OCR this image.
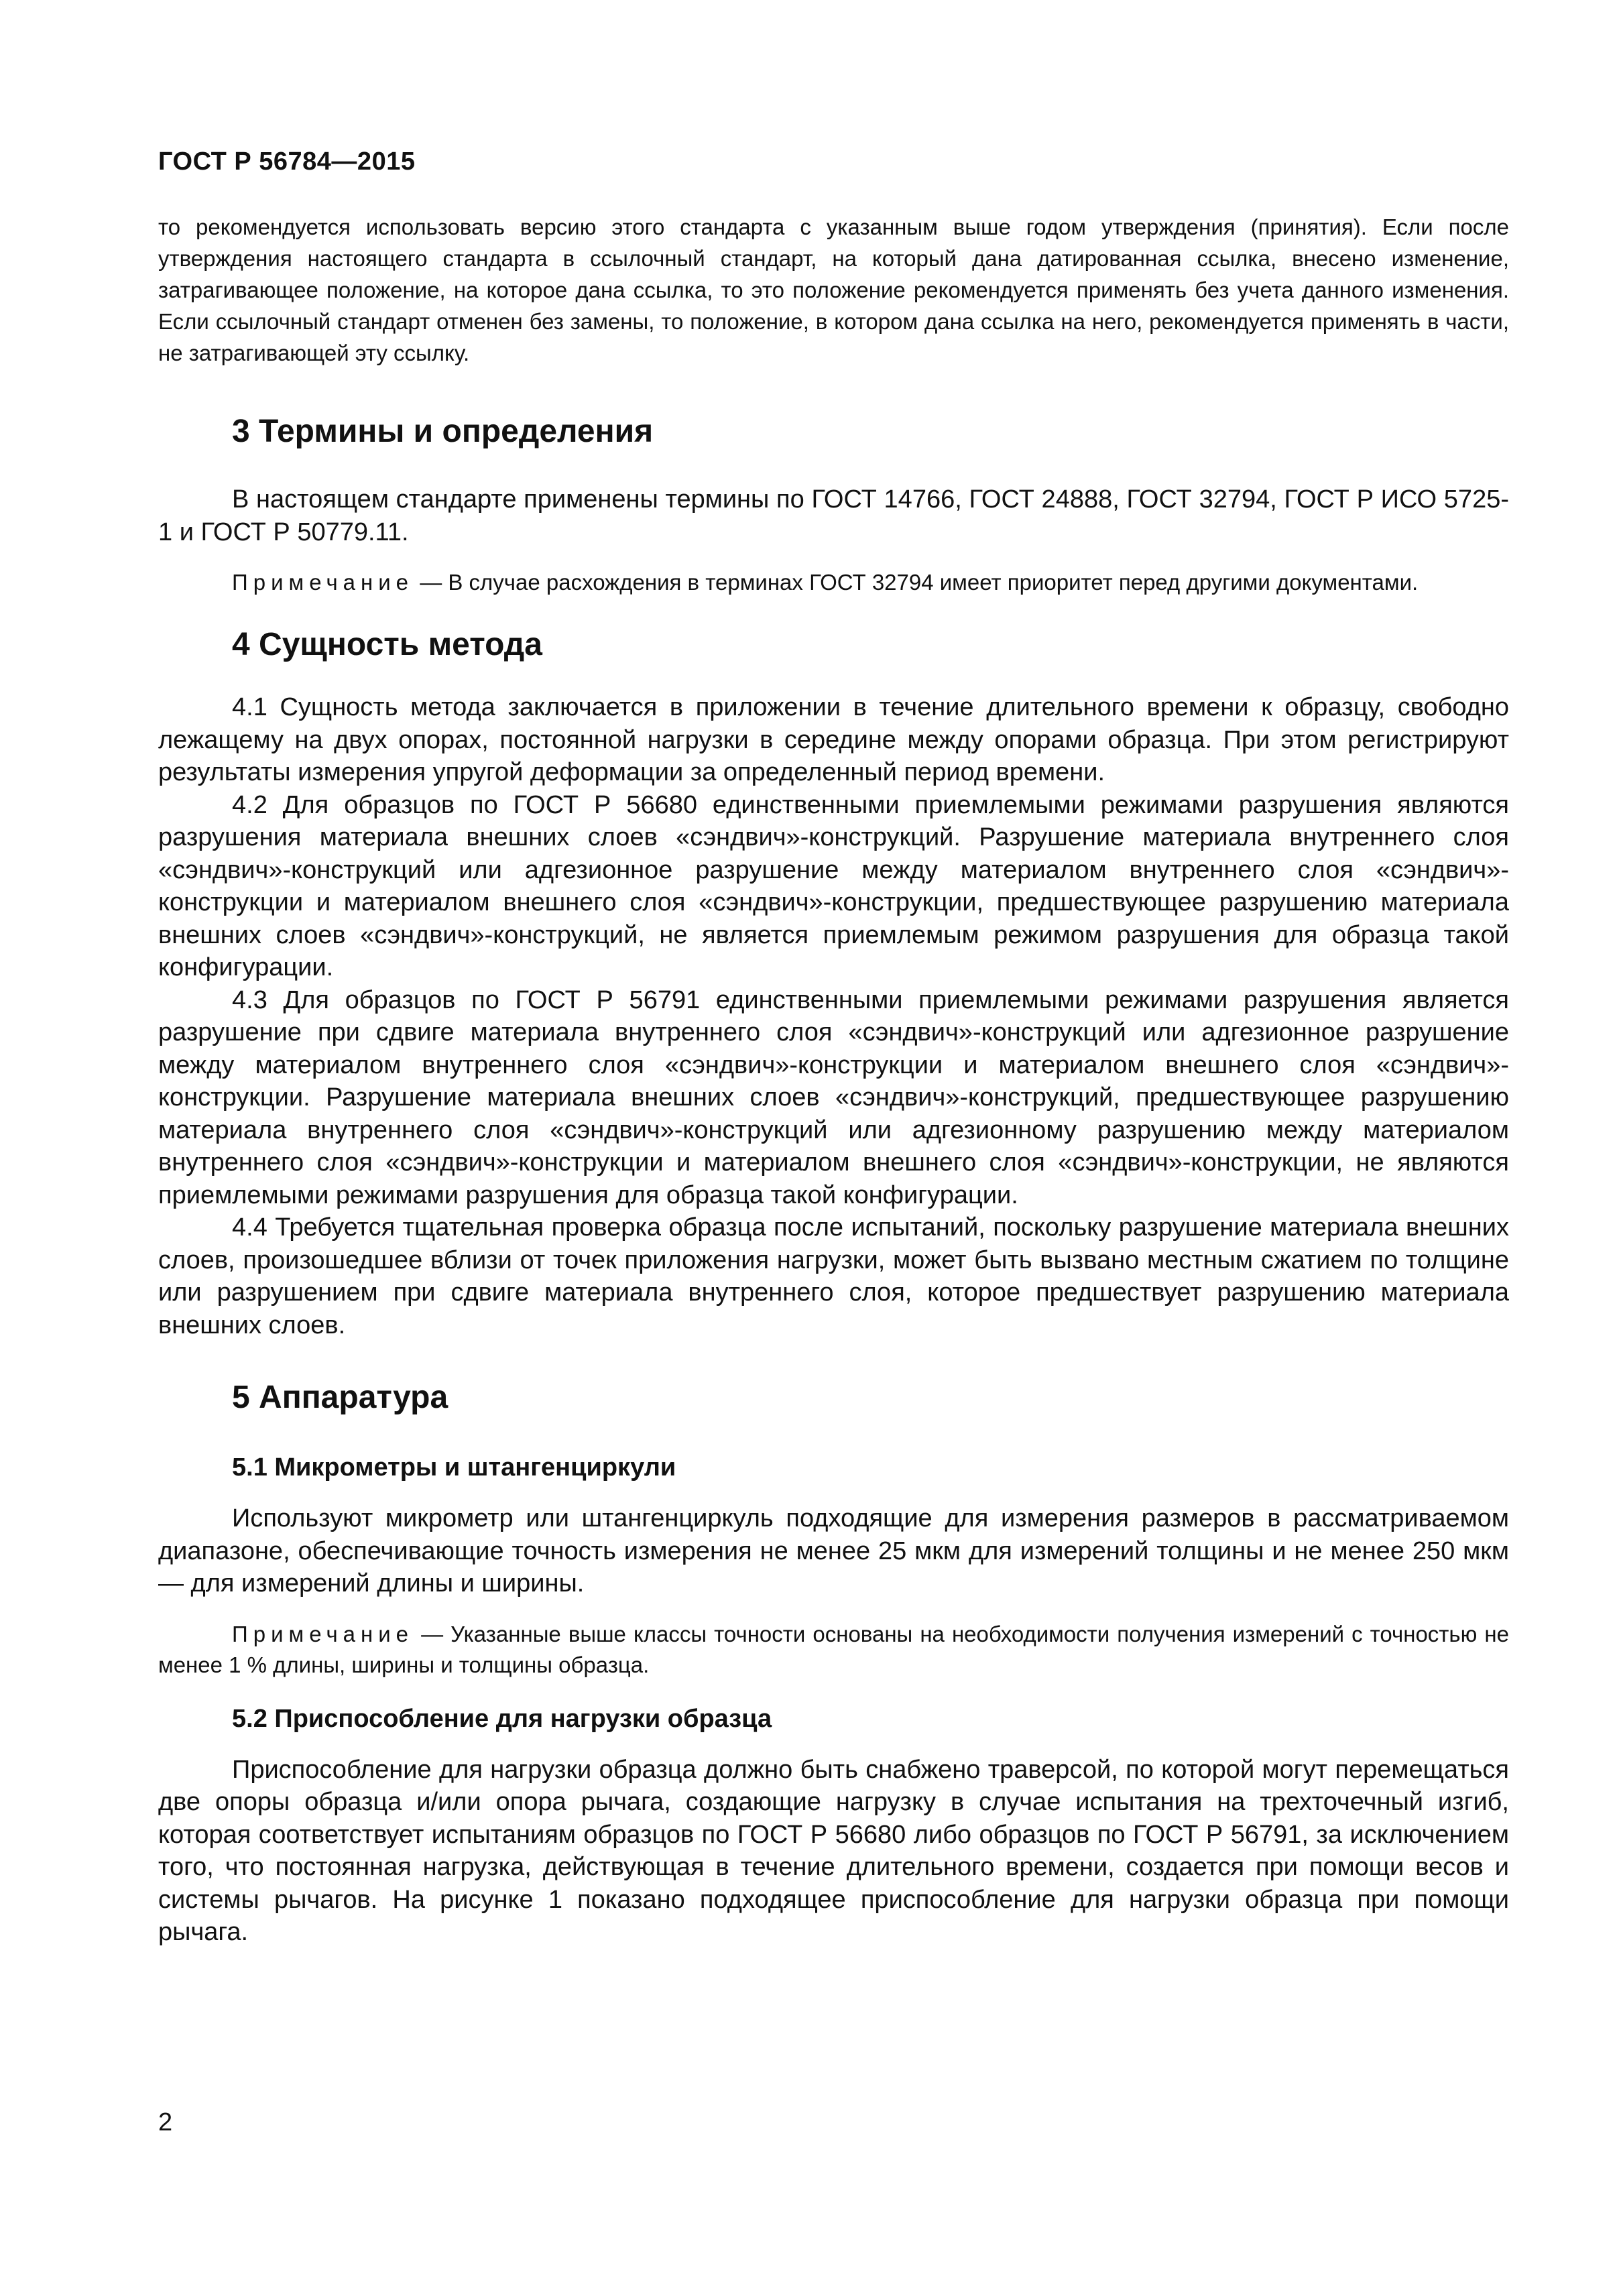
ГОСТ Р 56784—2015

то рекомендуется использовать версию этого стандарта с указанным выше годом утверждения (принятия). Если после утверждения настоящего стандарта в ссылочный стандарт, на который дана датированная ссылка, внесено изменение, затрагивающее положение, на которое дана ссылка, то это положение рекомендуется применять без учета данного изменения. Если ссылочный стандарт отменен без замены, то положение, в котором дана ссылка на него, рекомендуется применять в части, не затрагивающей эту ссылку.

3 Термины и определения

В настоящем стандарте применены термины по ГОСТ 14766, ГОСТ 24888, ГОСТ 32794, ГОСТ Р ИСО 5725-1 и ГОСТ Р 50779.11.

Примечание — В случае расхождения в терминах ГОСТ 32794 имеет приоритет перед другими документами.

4 Сущность метода

4.1 Сущность метода заключается в приложении в течение длительного времени к образцу, свободно лежащему на двух опорах, постоянной нагрузки в середине между опорами образца. При этом регистрируют результаты измерения упругой деформации за определенный период времени.

4.2 Для образцов по ГОСТ Р 56680 единственными приемлемыми режимами разрушения являются разрушения материала внешних слоев «сэндвич»-конструкций. Разрушение материала внутреннего слоя «сэндвич»-конструкций или адгезионное разрушение между материалом внутреннего слоя «сэндвич»-конструкции и материалом внешнего слоя «сэндвич»-конструкции, предшествующее разрушению материала внешних слоев «сэндвич»-конструкций, не является приемлемым режимом разрушения для образца такой конфигурации.

4.3 Для образцов по ГОСТ Р 56791 единственными приемлемыми режимами разрушения является разрушение при сдвиге материала внутреннего слоя «сэндвич»-конструкций или адгезионное разрушение между материалом внутреннего слоя «сэндвич»-конструкции и материалом внешнего слоя «сэндвич»-конструкции. Разрушение материала внешних слоев «сэндвич»-конструкций, предшествующее разрушению материала внутреннего слоя «сэндвич»-конструкций или адгезионному разрушению между материалом внутреннего слоя «сэндвич»-конструкции и материалом внешнего слоя «сэндвич»-конструкции, не являются приемлемыми режимами разрушения для образца такой конфигурации.

4.4 Требуется тщательная проверка образца после испытаний, поскольку разрушение материала внешних слоев, произошедшее вблизи от точек приложения нагрузки, может быть вызвано местным сжатием по толщине или разрушением при сдвиге материала внутреннего слоя, которое предшествует разрушению материала внешних слоев.

5 Аппаратура
5.1 Микрометры и штангенциркули

Используют микрометр или штангенциркуль подходящие для измерения размеров в рассматриваемом диапазоне, обеспечивающие точность измерения не менее 25 мкм для измерений толщины и не менее 250 мкм — для измерений длины и ширины.

Примечание — Указанные выше классы точности основаны на необходимости получения измерений с точностью не менее 1 % длины, ширины и толщины образца.

5.2 Приспособление для нагрузки образца

Приспособление для нагрузки образца должно быть снабжено траверсой, по которой могут перемещаться две опоры образца и/или опора рычага, создающие нагрузку в случае испытания на трехточечный изгиб, которая соответствует испытаниям образцов по ГОСТ Р 56680 либо образцов по ГОСТ Р 56791, за исключением того, что постоянная нагрузка, действующая в течение длительного времени, создается при помощи весов и системы рычагов. На рисунке 1 показано подходящее приспособление для нагрузки образца при помощи рычага.

2
